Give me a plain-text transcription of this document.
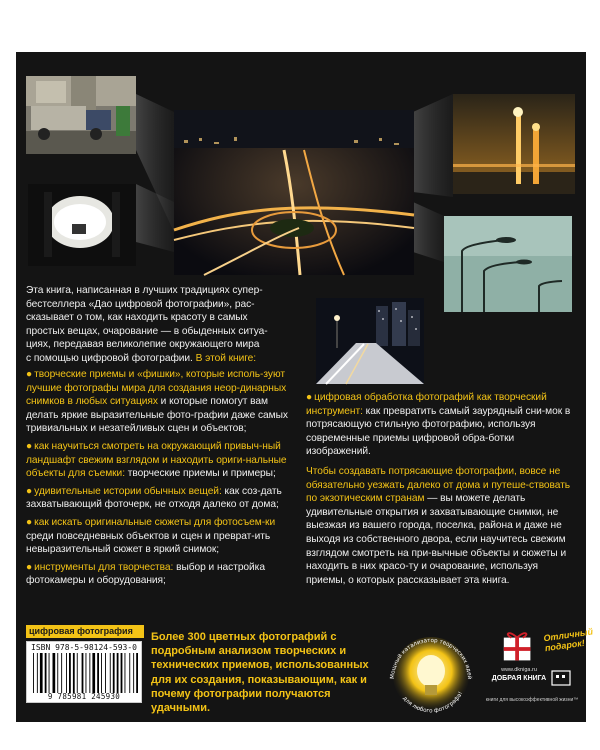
Эта книга, написанная в лучших традициях супер-
бестселлера «Дао цифровой фотографии», рас-
сказывает о том, как находить красоту в самых
простых вещах, очарование — в обыденных ситуа-
циях, передавая великолепие окружающего мира
с помощью цифровой фотографии. В этой книге:
● творческие приемы и «фишки», которые исполь-зуют лучшие фотографы мира для создания неор-динарных снимков в любых ситуациях и которые помогут вам делать яркие выразительные фото-графии даже самых тривиальных и незатейливых сцен и объектов;
● как научиться смотреть на окружающий привыч-ный ландшафт свежим взглядом и находить ориги-нальные объекты для съемки: творческие приемы и примеры;
● удивительные истории обычных вещей: как соз-дать захватывающий фоточерк, не отходя далеко от дома;
● как искать оригинальные сюжеты для фотосъем-ки среди повседневных объектов и сцен и преврат-ить невыразительный сюжет в яркий снимок;
● инструменты для творчества: выбор и настройка фотокамеры и оборудования;
● цифровая обработка фотографий как творческий инструмент: как превратить самый заурядный сни-мок в потрясающую стильную фотографию, используя современные приемы цифровой обра-ботки изображений.
Чтобы создавать потрясающие фотографии, вовсе не обязательно уезжать далеко от дома и путеше-ствовать по экзотическим странам — вы можете делать удивительные открытия и захватывающие снимки, не выезжая из вашего города, поселка, района и даже не выходя из собственного двора, если научитесь свежим взглядом смотреть на при-вычные объекты и сюжеты и находить в них красо-ту и очарование, используя приемы, о которых рассказывает эта книга.
цифровая фотография
ISBN 978-5-98124-593-0
9 785981 245930
Более 300 цветных фотографий с подробным анализом творческих и технических приемов, использованных для их создания, показывающим, как и почему фотографии получаются удачными.
Мощный катализатор творческих идей
для любого фотографа!
www.dkniga.ru
ДОБРАЯ КНИГА
книги для высокоэффективной жизни™
Отличный подарок!
